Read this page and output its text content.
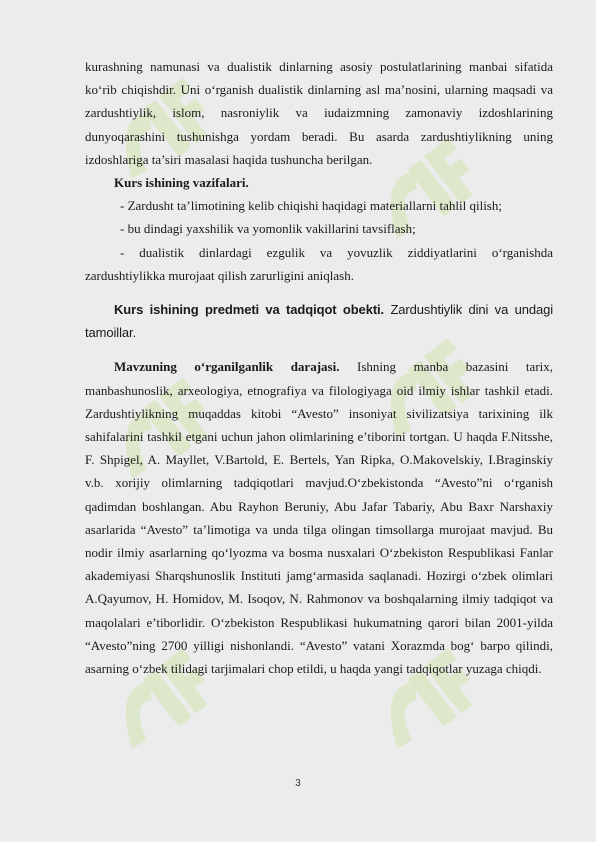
kurashning namunasi va dualistik dinlarning asosiy postulatlarining manbai sifatida ko‘rib chiqishdir. Uni o‘rganish dualistik dinlarning asl ma’nosini, ularning maqsadi va zardushtiylik, islom, nasroniylik va iudaizmning zamonaviy izdoshlarining dunyoqarashini tushunishga yordam beradi. Bu asarda zardushtiylikning uning izdoshlariga ta’siri masalasi haqida tushuncha berilgan.

Kurs ishining vazifalari.

- Zardusht ta’limotining kelib chiqishi haqidagi materiallarni tahlil qilish;

- bu dindagi yaxshilik va yomonlik vakillarini tavsiflash;

- dualistik dinlardagi ezgulik va yovuzlik ziddiyatlarini o‘rganishda zardushtiylikka murojaat qilish zarurligini aniqlash.

Kurs ishining predmeti va tadqiqot obekti. Zardushtiylik dini va undagi tamoillar.

Mavzuning o‘rganilganlik darajasi. Ishning manba bazasini tarix, manbashunoslik, arxeologiya, etnografiya va filologiyaga oid ilmiy ishlar tashkil etadi. Zardushtiylikning muqaddas kitobi “Avesto” insoniyat sivilizatsiya tarixining ilk sahifalarini tashkil etgani uchun jahon olimlarining e’tiborini tortgan. U haqda F.Nitsshe, F. Shpigel, A. Mayllet, V.Bartold, E. Bertels, Yan Ripka, O.Makovelskiy, I.Braginskiy v.b. xorijiy olimlarning tadqiqotlari mavjud.O‘zbekistonda “Avesto”ni o‘rganish qadimdan boshlangan. Abu Rayhon Beruniy, Abu Jafar Tabariy, Abu Baxr Narshaxiy asarlarida “Avesto” ta’limotiga va unda tilga olingan timsollarga murojaat mavjud. Bu nodir ilmiy asarlarning qo‘lyozma va bosma nusxalari O‘zbekiston Respublikasi Fanlar akademiyasi Sharqshunoslik Instituti jamg‘armasida saqlanadi. Hozirgi o‘zbek olimlari A.Qayumov, H. Homidov, M. Isoqov, N. Rahmonov va boshqalarning ilmiy tadqiqot va maqolalari e’tiborlidir. O‘zbekiston Respublikasi hukumatning qarori bilan 2001-yilda “Avesto”ning 2700 yilligi nishonlandi. “Avesto” vatani Xorazmda bog‘ barpo qilindi, asarning o‘zbek tilidagi tarjimalari chop etildi, u haqda yangi tadqiqotlar yuzaga chiqdi.

3
